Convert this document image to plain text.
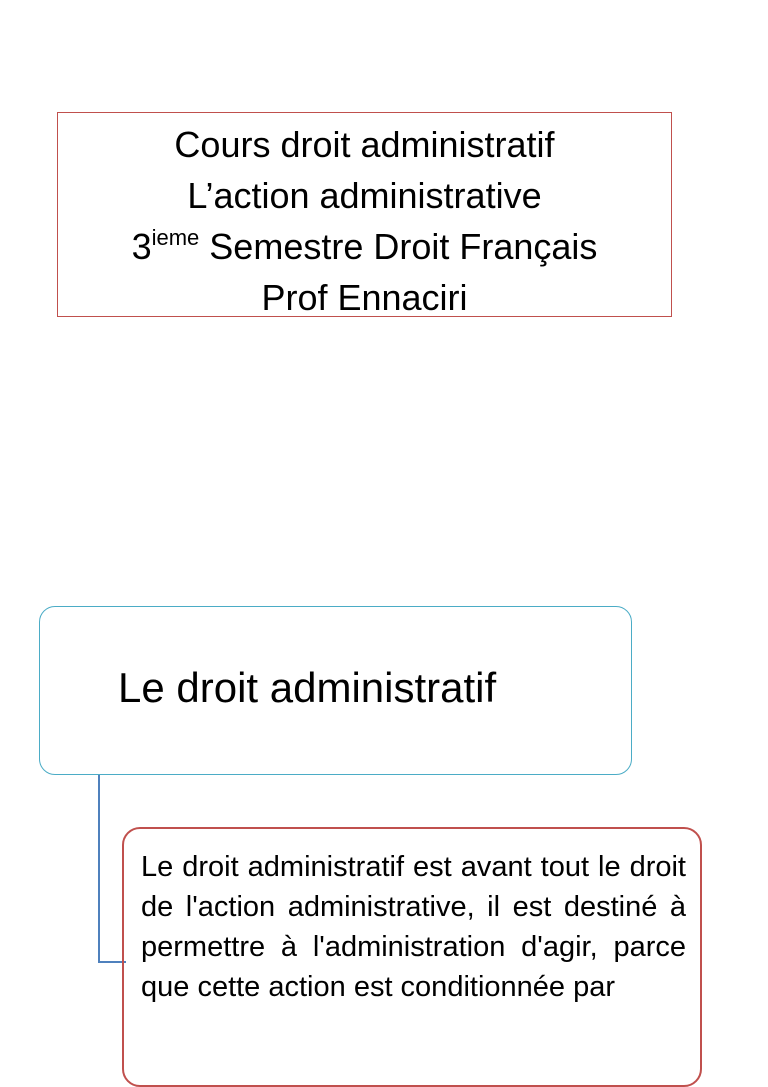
Cours droit administratif
L’action administrative
3ieme Semestre Droit Français
Prof Ennaciri
Le droit administratif

Le droit administratif est avant tout le droit de l'action administrative, il est destiné à permettre à l'administration d'agir, parce que cette action est conditionnée par
